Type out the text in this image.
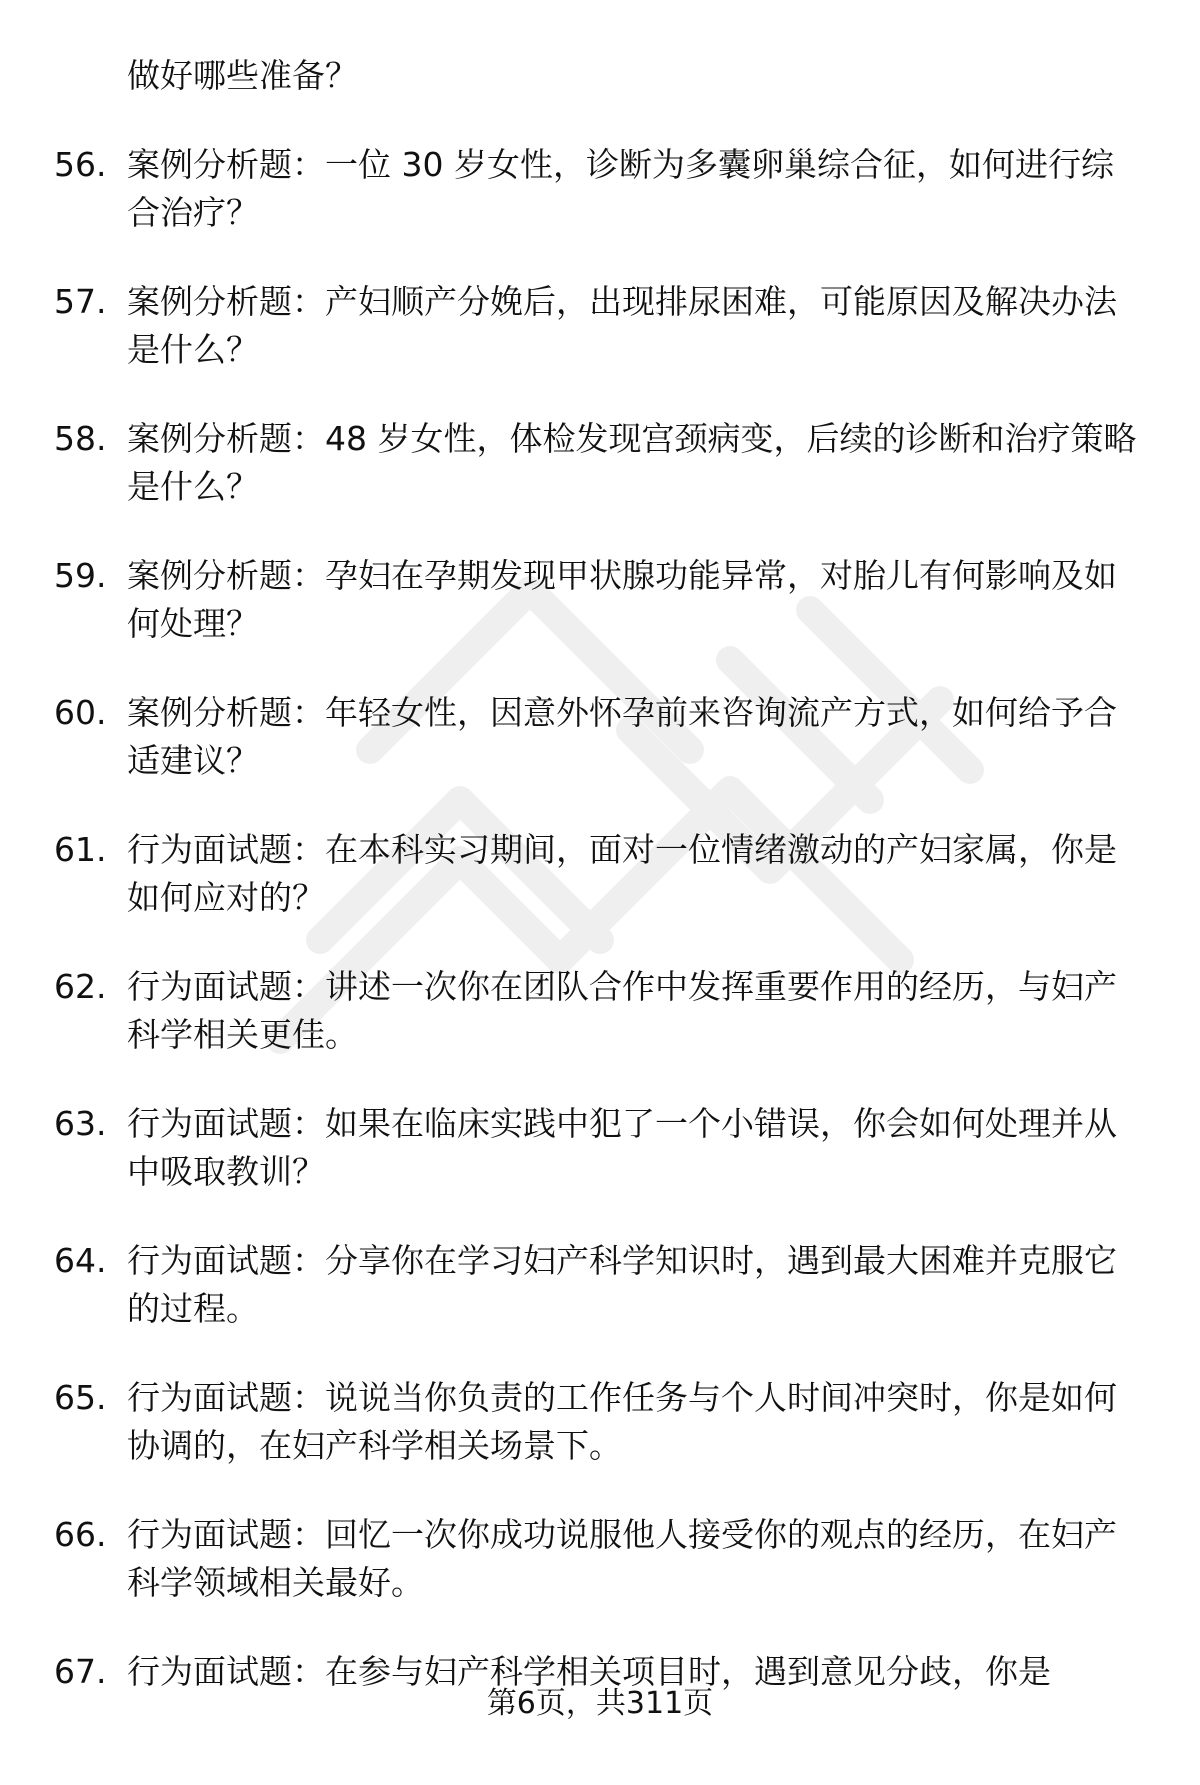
做好哪些准备？
56. 案例分析题：一位 30 岁女性，诊断为多囊卵巢综合征，如何进行综合治疗？
57. 案例分析题：产妇顺产分娩后，出现排尿困难，可能原因及解决办法是什么？
58. 案例分析题：48 岁女性，体检发现宫颈病变，后续的诊断和治疗策略是什么？
59. 案例分析题：孕妇在孕期发现甲状腺功能异常，对胎儿有何影响及如何处理？
60. 案例分析题：年轻女性，因意外怀孕前来咨询流产方式，如何给予合适建议？
61. 行为面试题：在本科实习期间，面对一位情绪激动的产妇家属，你是如何应对的？
62. 行为面试题：讲述一次你在团队合作中发挥重要作用的经历，与妇产科学相关更佳。
63. 行为面试题：如果在临床实践中犯了一个小错误，你会如何处理并从中吸取教训？
64. 行为面试题：分享你在学习妇产科学知识时，遇到最大困难并克服它的过程。
65. 行为面试题：说说当你负责的工作任务与个人时间冲突时，你是如何协调的，在妇产科学相关场景下。
66. 行为面试题：回忆一次你成功说服他人接受你的观点的经历，在妇产科学领域相关最好。
67. 行为面试题：在参与妇产科学相关项目时，遇到意见分歧，你是
第6页，共311页
